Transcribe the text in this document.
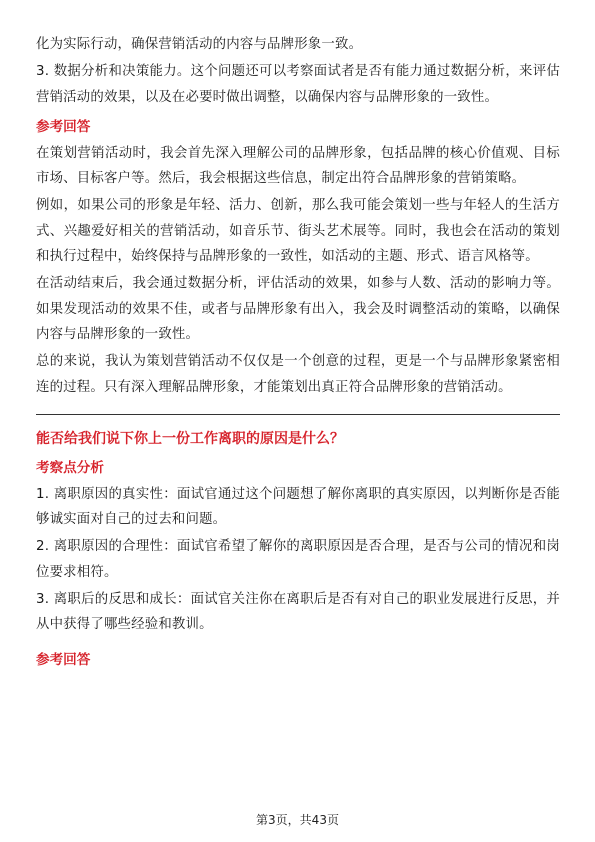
化为实际行动，确保营销活动的内容与品牌形象一致。

3. 数据分析和决策能力。这个问题还可以考察面试者是否有能力通过数据分析，来评估营销活动的效果，以及在必要时做出调整，以确保内容与品牌形象的一致性。

参考回答

在策划营销活动时，我会首先深入理解公司的品牌形象，包括品牌的核心价值观、目标市场、目标客户等。然后，我会根据这些信息，制定出符合品牌形象的营销策略。

例如，如果公司的形象是年轻、活力、创新，那么我可能会策划一些与年轻人的生活方式、兴趣爱好相关的营销活动，如音乐节、街头艺术展等。同时，我也会在活动的策划和执行过程中，始终保持与品牌形象的一致性，如活动的主题、形式、语言风格等。

在活动结束后，我会通过数据分析，评估活动的效果，如参与人数、活动的影响力等。如果发现活动的效果不佳，或者与品牌形象有出入，我会及时调整活动的策略，以确保内容与品牌形象的一致性。

总的来说，我认为策划营销活动不仅仅是一个创意的过程，更是一个与品牌形象紧密相连的过程。只有深入理解品牌形象，才能策划出真正符合品牌形象的营销活动。

能否给我们说下你上一份工作离职的原因是什么？
考察点分析

1. 离职原因的真实性：面试官通过这个问题想了解你离职的真实原因，以判断你是否能够诚实面对自己的过去和问题。

2. 离职原因的合理性：面试官希望了解你的离职原因是否合理，是否与公司的情况和岗位要求相符。

3. 离职后的反思和成长：面试官关注你在离职后是否有对自己的职业发展进行反思，并从中获得了哪些经验和教训。

参考回答
第3页，共43页
